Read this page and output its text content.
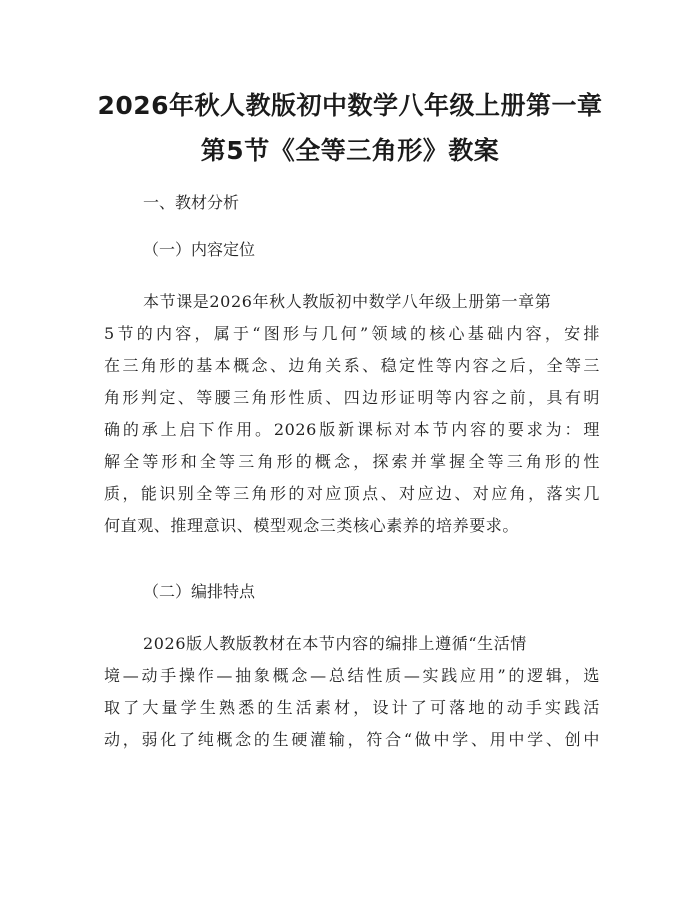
2026年秋人教版初中数学八年级上册第一章
第5节《全等三角形》教案
一、教材分析
（一）内容定位
本节课是2026年秋人教版初中数学八年级上册第一章第
5节的内容，属于“图形与几何”领域的核心基础内容，安排
在三角形的基本概念、边角关系、稳定性等内容之后，全等三
角形判定、等腰三角形性质、四边形证明等内容之前，具有明
确的承上启下作用。2026版新课标对本节内容的要求为：理
解全等形和全等三角形的概念，探索并掌握全等三角形的性
质，能识别全等三角形的对应顶点、对应边、对应角，落实几
何直观、推理意识、模型观念三类核心素养的培养要求。
（二）编排特点
2026版人教版教材在本节内容的编排上遵循“生活情
境—动手操作—抽象概念—总结性质—实践应用”的逻辑，选
取了大量学生熟悉的生活素材，设计了可落地的动手实践活
动，弱化了纯概念的生硬灌输，符合“做中学、用中学、创中
